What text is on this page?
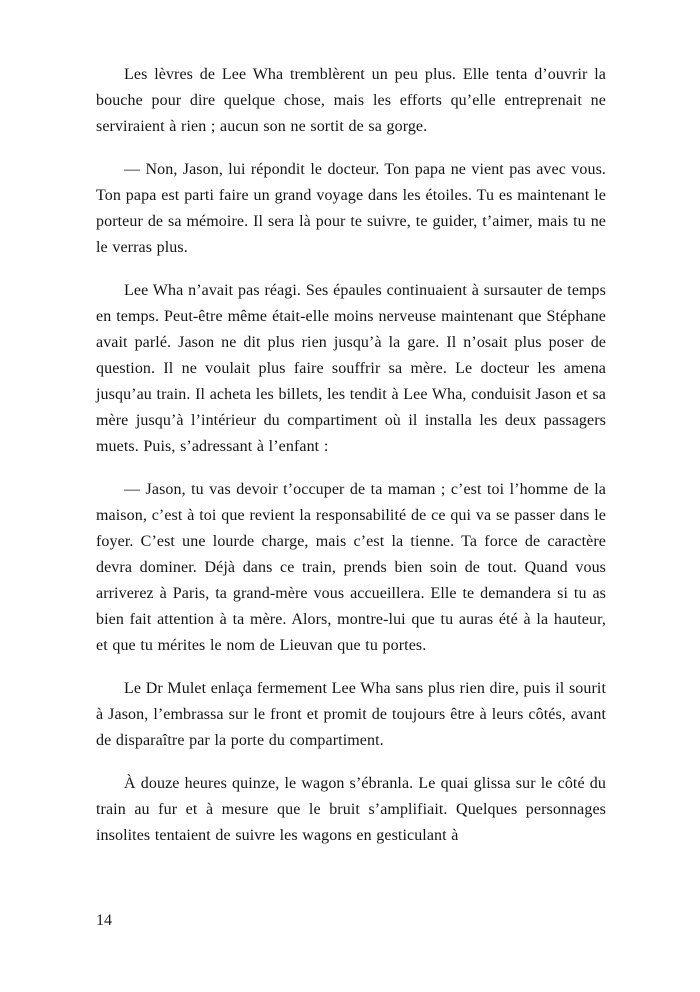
Les lèvres de Lee Wha tremblèrent un peu plus. Elle tenta d’ouvrir la bouche pour dire quelque chose, mais les efforts qu’elle entreprenait ne serviraient à rien ; aucun son ne sortit de sa gorge.

— Non, Jason, lui répondit le docteur. Ton papa ne vient pas avec vous. Ton papa est parti faire un grand voyage dans les étoiles. Tu es maintenant le porteur de sa mémoire. Il sera là pour te suivre, te guider, t’aimer, mais tu ne le verras plus.

Lee Wha n’avait pas réagi. Ses épaules continuaient à sursauter de temps en temps. Peut-être même était-elle moins nerveuse maintenant que Stéphane avait parlé. Jason ne dit plus rien jusqu’à la gare. Il n’osait plus poser de question. Il ne voulait plus faire souffrir sa mère. Le docteur les amena jusqu’au train. Il acheta les billets, les tendit à Lee Wha, conduisit Jason et sa mère jusqu’à l’intérieur du compartiment où il installa les deux passagers muets. Puis, s’adressant à l’enfant :

— Jason, tu vas devoir t’occuper de ta maman ; c’est toi l’homme de la maison, c’est à toi que revient la responsabilité de ce qui va se passer dans le foyer. C’est une lourde charge, mais c’est la tienne. Ta force de caractère devra dominer. Déjà dans ce train, prends bien soin de tout. Quand vous arriverez à Paris, ta grand-mère vous accueillera. Elle te demandera si tu as bien fait attention à ta mère. Alors, montre-lui que tu auras été à la hauteur, et que tu mérites le nom de Lieuvan que tu portes.

Le Dr Mulet enlaça fermement Lee Wha sans plus rien dire, puis il sourit à Jason, l’embrassa sur le front et promit de toujours être à leurs côtés, avant de disparaître par la porte du compartiment.

À douze heures quinze, le wagon s’ébranla. Le quai glissa sur le côté du train au fur et à mesure que le bruit s’amplifiait. Quelques personnages insolites tentaient de suivre les wagons en gesticulant à

14
